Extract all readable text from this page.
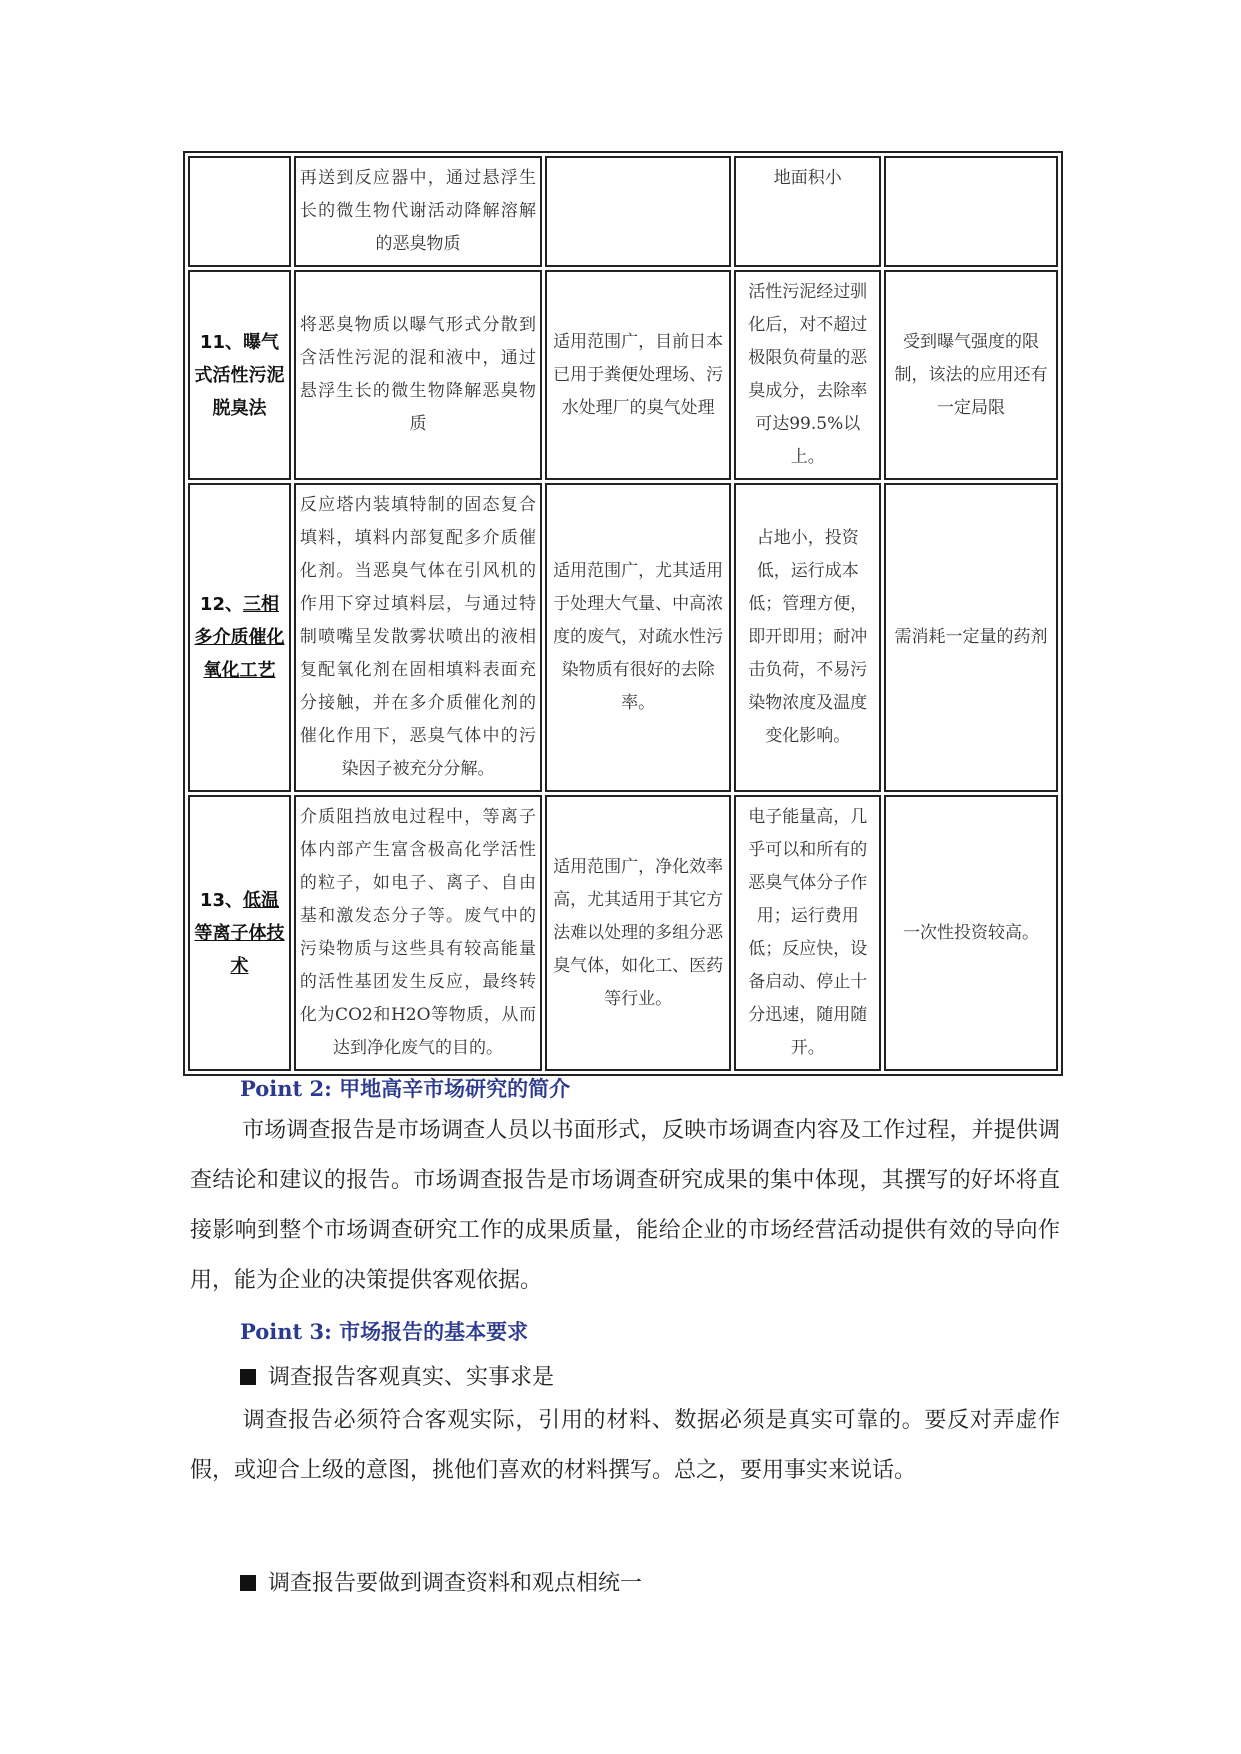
	再送到反应器中，通过悬浮生长的微生物代谢活动降解溶解的恶臭物质		地面积小	
11、曝气式活性污泥脱臭法	将恶臭物质以曝气形式分散到含活性污泥的混和液中，通过悬浮生长的微生物降解恶臭物质	适用范围广，目前日本已用于粪便处理场、污水处理厂的臭气处理	活性污泥经过驯化后，对不超过极限负荷量的恶臭成分，去除率可达99.5%以上。	受到曝气强度的限制，该法的应用还有一定局限
12、三相多介质催化氧化工艺	反应塔内装填特制的固态复合填料，填料内部复配多介质催化剂。当恶臭气体在引风机的作用下穿过填料层，与通过特制喷嘴呈发散雾状喷出的液相复配氧化剂在固相填料表面充分接触，并在多介质催化剂的催化作用下，恶臭气体中的污染因子被充分分解。	适用范围广，尤其适用于处理大气量、中高浓度的废气，对疏水性污染物质有很好的去除率。	占地小，投资低，运行成本低；管理方便，即开即用；耐冲击负荷，不易污染物浓度及温度变化影响。	需消耗一定量的药剂
13、低温等离子体技术	介质阻挡放电过程中，等离子体内部产生富含极高化学活性的粒子，如电子、离子、自由基和激发态分子等。废气中的污染物质与这些具有较高能量的活性基团发生反应，最终转化为CO2和H2O等物质，从而达到净化废气的目的。	适用范围广，净化效率高，尤其适用于其它方法难以处理的多组分恶臭气体，如化工、医药等行业。	电子能量高，几乎可以和所有的恶臭气体分子作用；运行费用低；反应快，设备启动、停止十分迅速，随用随开。	一次性投资较高。
Point 2: 甲地高辛市场研究的简介
市场调查报告是市场调查人员以书面形式，反映市场调查内容及工作过程，并提供调查结论和建议的报告。市场调查报告是市场调查研究成果的集中体现，其撰写的好坏将直接影响到整个市场调查研究工作的成果质量，能给企业的市场经营活动提供有效的导向作用，能为企业的决策提供客观依据。
Point 3: 市场报告的基本要求
调查报告客观真实、实事求是
调查报告必须符合客观实际，引用的材料、数据必须是真实可靠的。要反对弄虚作假，或迎合上级的意图，挑他们喜欢的材料撰写。总之，要用事实来说话。
调查报告要做到调查资料和观点相统一
